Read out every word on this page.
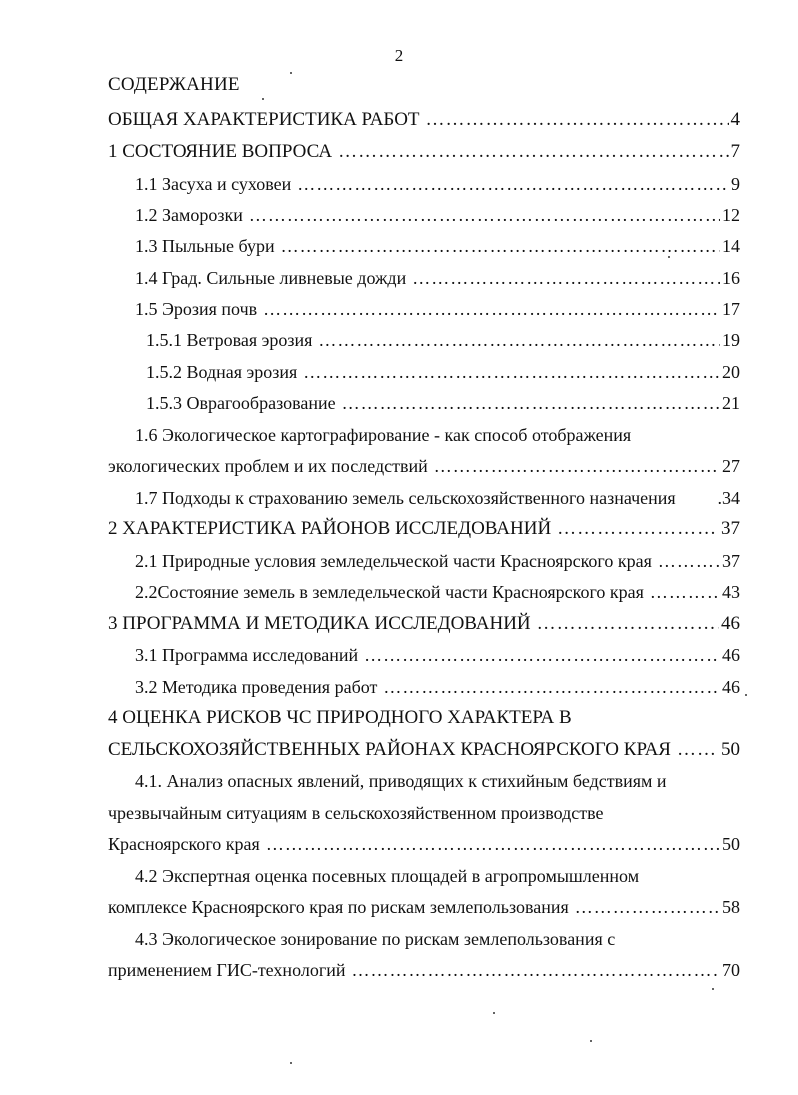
2
СОДЕРЖАНИЕ
ОБЩАЯ ХАРАКТЕРИСТИКА РАБОТ …………………………………………………………………………………………………………………………………………………………………………………	4
1 СОСТОЯНИЕ ВОПРОСА …………………………………………………………………………………………………………………………………………………………………………………	7
1.1 Засуха и суховеи …………………………………………………………………………………………………………………………………………………………………………………	9
1.2 Заморозки …………………………………………………………………………………………………………………………………………………………………………………	12
1.3 Пыльные бури …………………………………………………………………………………………………………………………………………………………………………………	14
1.4 Град. Сильные ливневые дожди …………………………………………………………………………………………………………………………………………………………………………………	16
1.5 Эрозия почв …………………………………………………………………………………………………………………………………………………………………………………	17
1.5.1 Ветровая эрозия …………………………………………………………………………………………………………………………………………………………………………………	19
1.5.2 Водная эрозия …………………………………………………………………………………………………………………………………………………………………………………	20
1.5.3 Оврагообразование …………………………………………………………………………………………………………………………………………………………………………………	21
1.6 Экологическое картографирование - как способ отображения
экологических проблем и их последствий …………………………………………………………………………………………………………………………………………………………………………………	27
1.7 Подходы к страхованию земель сельскохозяйственного назначения .34
2 ХАРАКТЕРИСТИКА РАЙОНОВ ИССЛЕДОВАНИЙ …………………………………………………………………………………………………………………………………………………………………………………	37
2.1 Природные условия земледельческой части Красноярского края …………………………………………………………………………………………………………………………………………………………………………………	37
2.2Состояние земель в земледельческой части Красноярского края …………………………………………………………………………………………………………………………………………………………………………………	43
3 ПРОГРАММА И МЕТОДИКА ИССЛЕДОВАНИЙ …………………………………………………………………………………………………………………………………………………………………………………	46
3.1 Программа исследований …………………………………………………………………………………………………………………………………………………………………………………	46
3.2 Методика проведения работ …………………………………………………………………………………………………………………………………………………………………………………	46
4 ОЦЕНКА РИСКОВ ЧС ПРИРОДНОГО ХАРАКТЕРА В
СЕЛЬСКОХОЗЯЙСТВЕННЫХ РАЙОНАХ КРАСНОЯРСКОГО КРАЯ …………………………………………………………………………………………………………………………………………………………………………………	50
4.1. Анализ опасных явлений, приводящих к стихийным бедствиям и
чрезвычайным ситуациям в сельскохозяйственном производстве
Красноярского края …………………………………………………………………………………………………………………………………………………………………………………	50
4.2 Экспертная оценка посевных площадей в агропромышленном
комплексе Красноярского края по рискам землепользования …………………………………………………………………………………………………………………………………………………………………………………	58
4.3 Экологическое зонирование по рискам землепользования с
применением ГИС-технологий …………………………………………………………………………………………………………………………………………………………………………………	70
